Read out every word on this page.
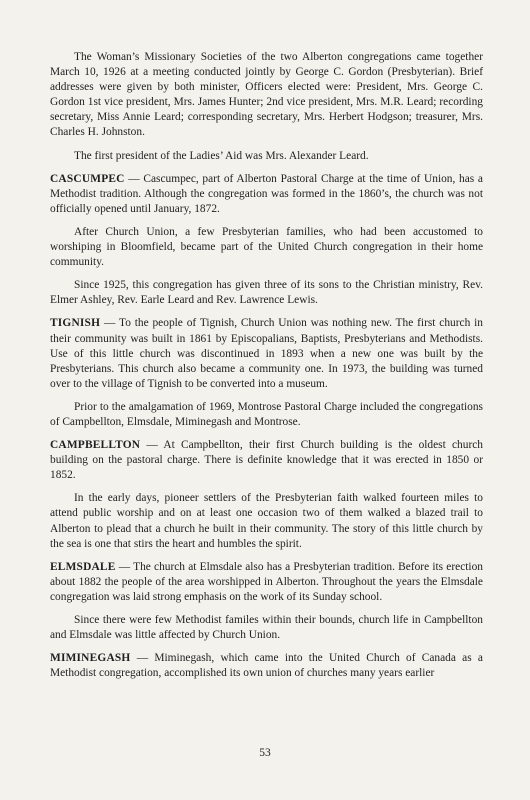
The Woman’s Missionary Societies of the two Alberton congregations came together March 10, 1926 at a meeting conducted jointly by George C. Gordon (Presbyterian). Brief addresses were given by both minister, Officers elected were: President, Mrs. George C. Gordon 1st vice president, Mrs. James Hunter; 2nd vice president, Mrs. M.R. Leard; recording secretary, Miss Annie Leard; corresponding secretary, Mrs. Herbert Hodgson; treasurer, Mrs. Charles H. Johnston.

The first president of the Ladies’ Aid was Mrs. Alexander Leard.

CASCUMPEC — Cascumpec, part of Alberton Pastoral Charge at the time of Union, has a Methodist tradition. Although the congregation was formed in the 1860’s, the church was not officially opened until January, 1872.

After Church Union, a few Presbyterian families, who had been accustomed to worshiping in Bloomfield, became part of the United Church congregation in their home community.

Since 1925, this congregation has given three of its sons to the Christian ministry, Rev. Elmer Ashley, Rev. Earle Leard and Rev. Lawrence Lewis.

TIGNISH — To the people of Tignish, Church Union was nothing new. The first church in their community was built in 1861 by Episcopalians, Baptists, Presbyterians and Methodists. Use of this little church was discontinued in 1893 when a new one was built by the Presbyterians. This church also became a community one. In 1973, the building was turned over to the village of Tignish to be converted into a museum.

Prior to the amalgamation of 1969, Montrose Pastoral Charge included the congregations of Campbellton, Elmsdale, Miminegash and Montrose.

CAMPBELLTON — At Campbellton, their first Church building is the oldest church building on the pastoral charge. There is definite knowledge that it was erected in 1850 or 1852.

In the early days, pioneer settlers of the Presbyterian faith walked fourteen miles to attend public worship and on at least one occasion two of them walked a blazed trail to Alberton to plead that a church he built in their community. The story of this little church by the sea is one that stirs the heart and humbles the spirit.

ELMSDALE — The church at Elmsdale also has a Presbyterian tradition. Before its erection about 1882 the people of the area worshipped in Alberton. Throughout the years the Elmsdale congregation was laid strong emphasis on the work of its Sunday school.

Since there were few Methodist familes within their bounds, church life in Campbellton and Elmsdale was little affected by Church Union.

MIMINEGASH — Miminegash, which came into the United Church of Canada as a Methodist congregation, accomplished its own union of churches many years earlier

53
